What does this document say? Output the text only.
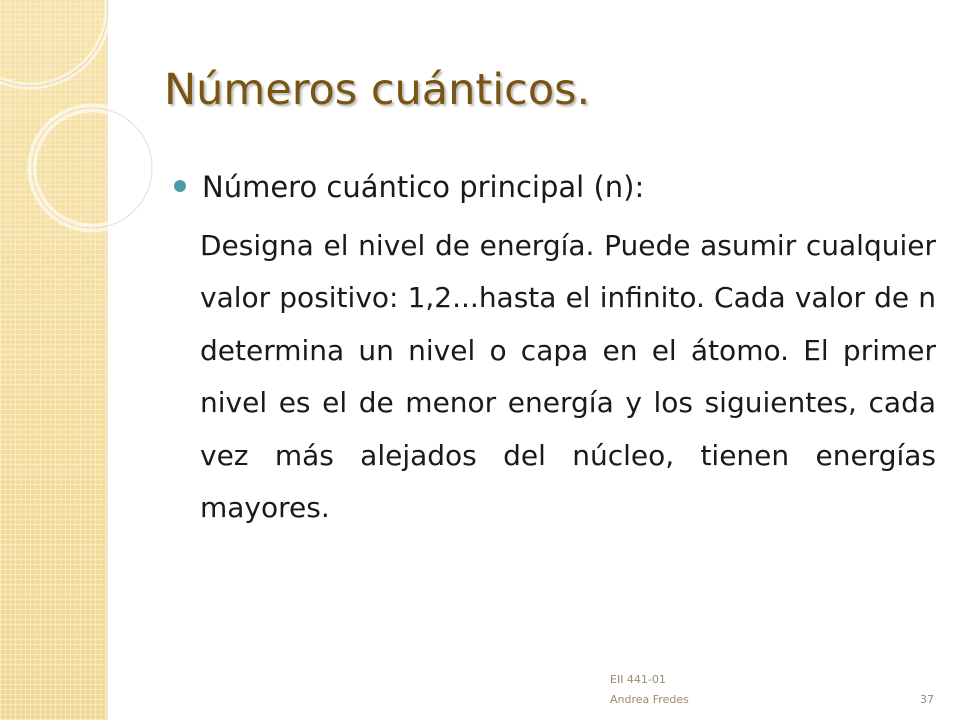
Números cuánticos.

Número cuántico principal (n):

Designa el nivel de energía. Puede asumir cualquier valor positivo: 1,2...hasta el infinito. Cada valor de n determina un nivel o capa en el átomo. El primer nivel es el de menor energía y los siguientes, cada vez más alejados del núcleo, tienen energías mayores.

EII 441-01
Andrea Fredes	37
